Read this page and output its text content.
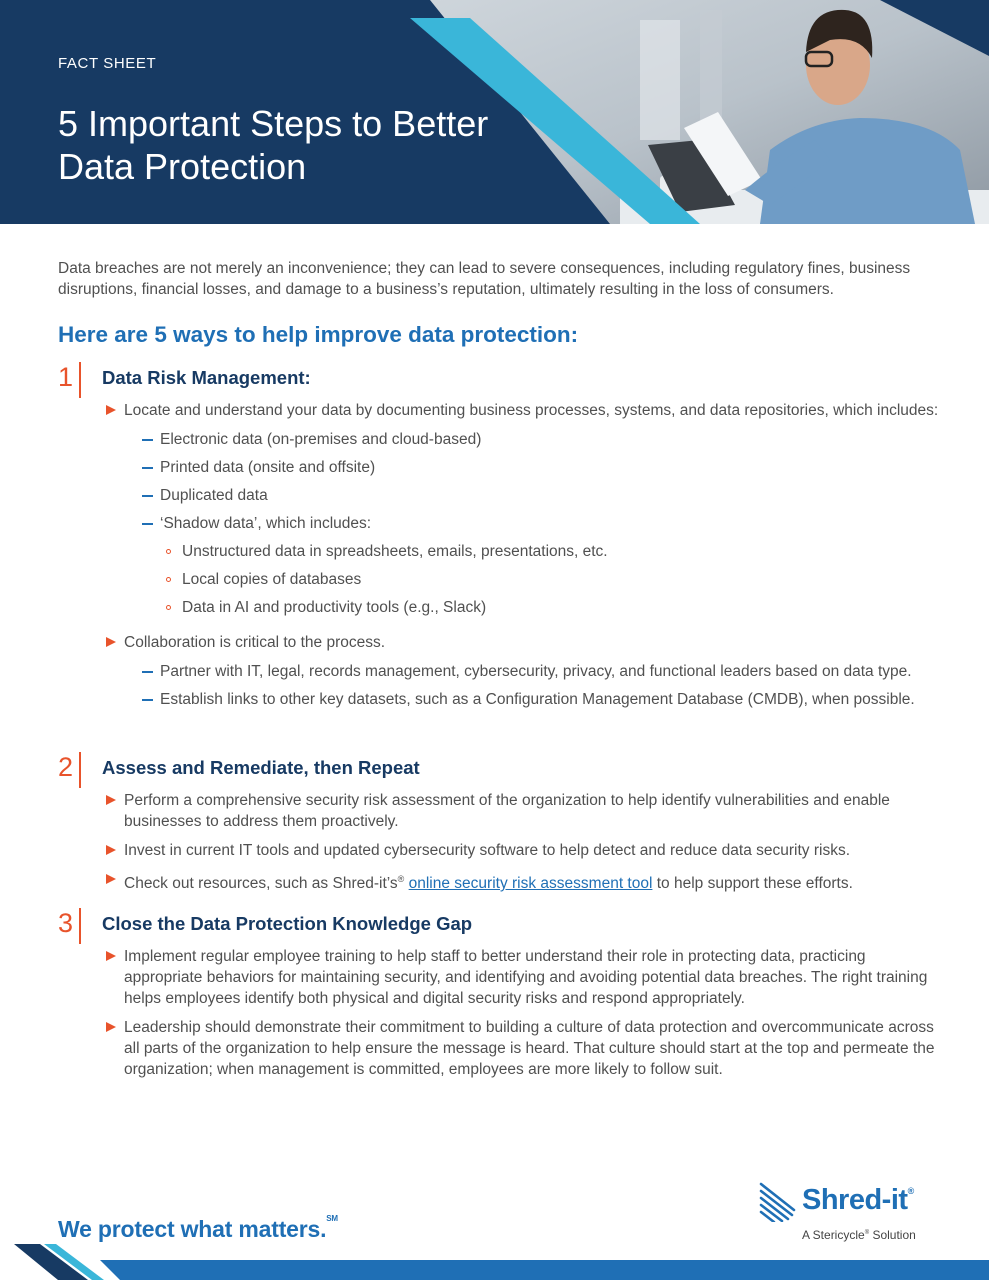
FACT SHEET
5 Important Steps to Better Data Protection

Data breaches are not merely an inconvenience; they can lead to severe consequences, including regulatory fines, business disruptions, financial losses, and damage to a business’s reputation, ultimately resulting in the loss of consumers.

Here are 5 ways to help improve data protection:
1 Data Risk Management:
Locate and understand your data by documenting business processes, systems, and data repositories, which includes:
Electronic data (on-premises and cloud-based)
Printed data (onsite and offsite)
Duplicated data
‘Shadow data’, which includes:
Unstructured data in spreadsheets, emails, presentations, etc.
Local copies of databases
Data in AI and productivity tools (e.g., Slack)
Collaboration is critical to the process.
Partner with IT, legal, records management, cybersecurity, privacy, and functional leaders based on data type.
Establish links to other key datasets, such as a Configuration Management Database (CMDB), when possible.
2 Assess and Remediate, then Repeat
Perform a comprehensive security risk assessment of the organization to help identify vulnerabilities and enable businesses to address them proactively.
Invest in current IT tools and updated cybersecurity software to help detect and reduce data security risks.
Check out resources, such as Shred-it’s® online security risk assessment tool to help support these efforts.
3 Close the Data Protection Knowledge Gap
Implement regular employee training to help staff to better understand their role in protecting data, practicing appropriate behaviors for maintaining security, and identifying and avoiding potential data breaches. The right training helps employees identify both physical and digital security risks and respond appropriately.
Leadership should demonstrate their commitment to building a culture of data protection and overcommunicate across all parts of the organization to help ensure the message is heard. That culture should start at the top and permeate the organization; when management is committed, employees are more likely to follow suit.
We protect what matters.℠
Shred-it®
A Stericycle® Solution
